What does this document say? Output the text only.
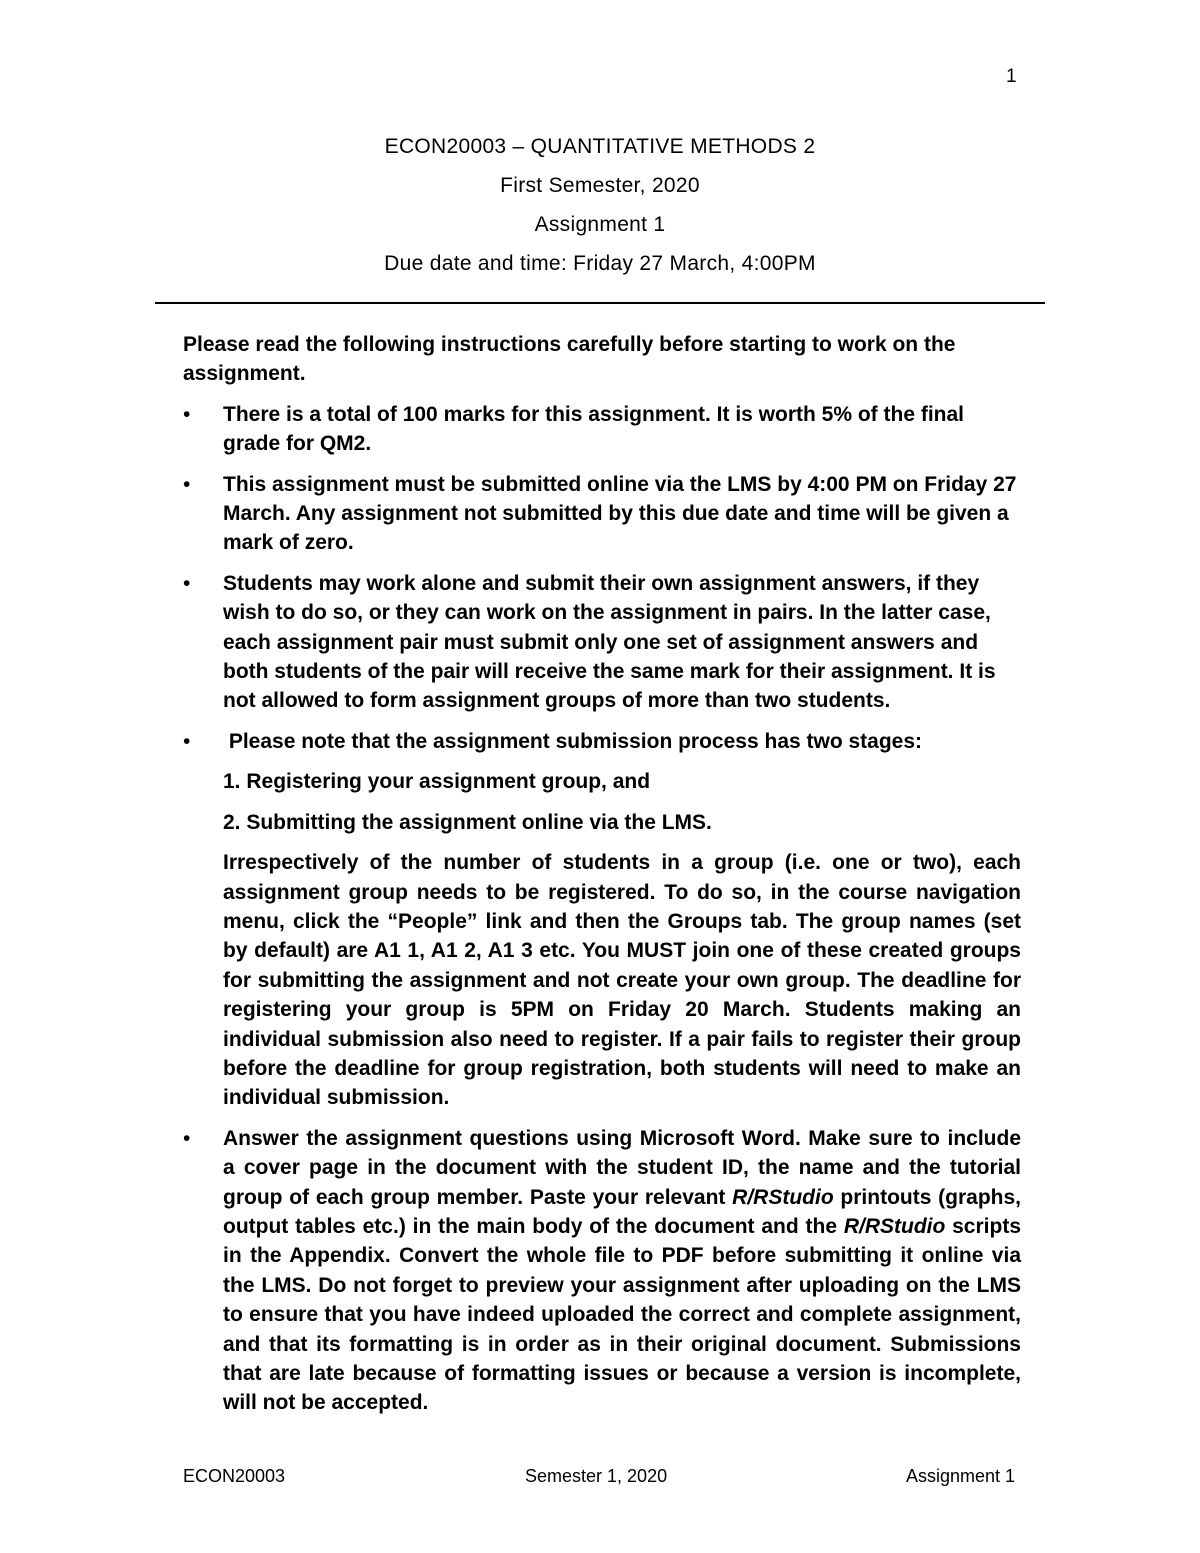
1
ECON20003 – QUANTITATIVE METHODS 2
First Semester, 2020
Assignment 1
Due date and time: Friday 27 March, 4:00PM

Please read the following instructions carefully before starting to work on the assignment.

•	There is a total of 100 marks for this assignment. It is worth 5% of the final grade for QM2.

•	This assignment must be submitted online via the LMS by 4:00 PM on Friday 27 March. Any assignment not submitted by this due date and time will be given a mark of zero.

•	Students may work alone and submit their own assignment answers, if they wish to do so, or they can work on the assignment in pairs. In the latter case, each assignment pair must submit only one set of assignment answers and both students of the pair will receive the same mark for their assignment. It is not allowed to form assignment groups of more than two students.

•	Please note that the assignment submission process has two stages:

1. Registering your assignment group, and

2. Submitting the assignment online via the LMS.

Irrespectively of the number of students in a group (i.e. one or two), each assignment group needs to be registered. To do so, in the course navigation menu, click the “People” link and then the Groups tab. The group names (set by default) are A1 1, A1 2, A1 3 etc. You MUST join one of these created groups for submitting the assignment and not create your own group. The deadline for registering your group is 5PM on Friday 20 March. Students making an individual submission also need to register. If a pair fails to register their group before the deadline for group registration, both students will need to make an individual submission.

•	Answer the assignment questions using Microsoft Word. Make sure to include a cover page in the document with the student ID, the name and the tutorial group of each group member. Paste your relevant R/RStudio printouts (graphs, output tables etc.) in the main body of the document and the R/RStudio scripts in the Appendix. Convert the whole file to PDF before submitting it online via the LMS. Do not forget to preview your assignment after uploading on the LMS to ensure that you have indeed uploaded the correct and complete assignment, and that its formatting is in order as in their original document. Submissions that are late because of formatting issues or because a version is incomplete, will not be accepted.

ECON20003	Semester 1, 2020	Assignment 1
